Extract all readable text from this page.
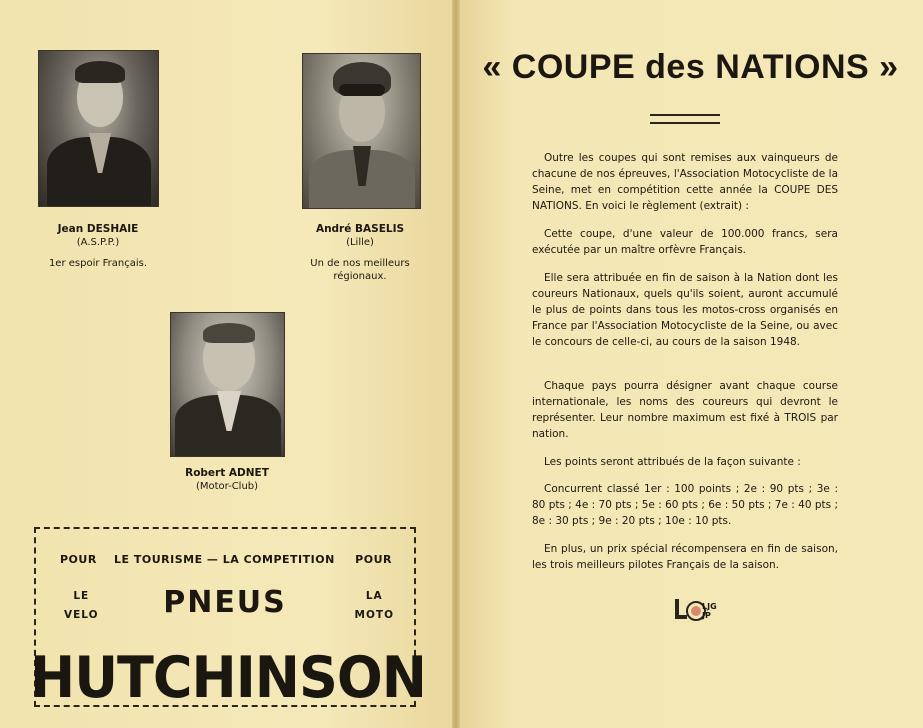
Jean DESHAIE
(A.S.P.P.)
1er espoir Français.
André BASELIS
(Lille)
Un de nos meilleurs régionaux.
Robert ADNET
(Motor-Club)
POUR LE TOURISME — LA COMPETITION POUR
LE
VELO	PNEUS	LA
MOTO
HUTCHINSON
« COUPE des NATIONS »
Outre les coupes qui sont remises aux vainqueurs de chacune de nos épreuves, l'Association Motocycliste de la Seine, met en compétition cette année la COUPE DES NATIONS. En voici le règlement (extrait) :
Cette coupe, d'une valeur de 100.000 francs, sera exécutée par un maître orfèvre Français.
Elle sera attribuée en fin de saison à la Nation dont les coureurs Nationaux, quels qu'ils soient, auront accumulé le plus de points dans tous les motos-cross organisés en France par l'Association Motocycliste de la Seine, ou avec le concours de celle-ci, au cours de la saison 1948.
Chaque pays pourra désigner avant chaque course internationale, les noms des coureurs qui devront le représenter. Leur nombre maximum est fixé à TROIS par nation.
Les points seront attribués de la façon suivante :
Concurrent classé 1er : 100 points ; 2e : 90 pts ; 3e : 80 pts ; 4e : 70 pts ; 5e : 60 pts ; 6e : 50 pts ; 7e : 40 pts ; 8e : 30 pts ; 9e : 20 pts ; 10e : 10 pts.
En plus, un prix spécial récompensera en fin de saison, les trois meilleurs pilotes Français de la saison.
LJG JP
